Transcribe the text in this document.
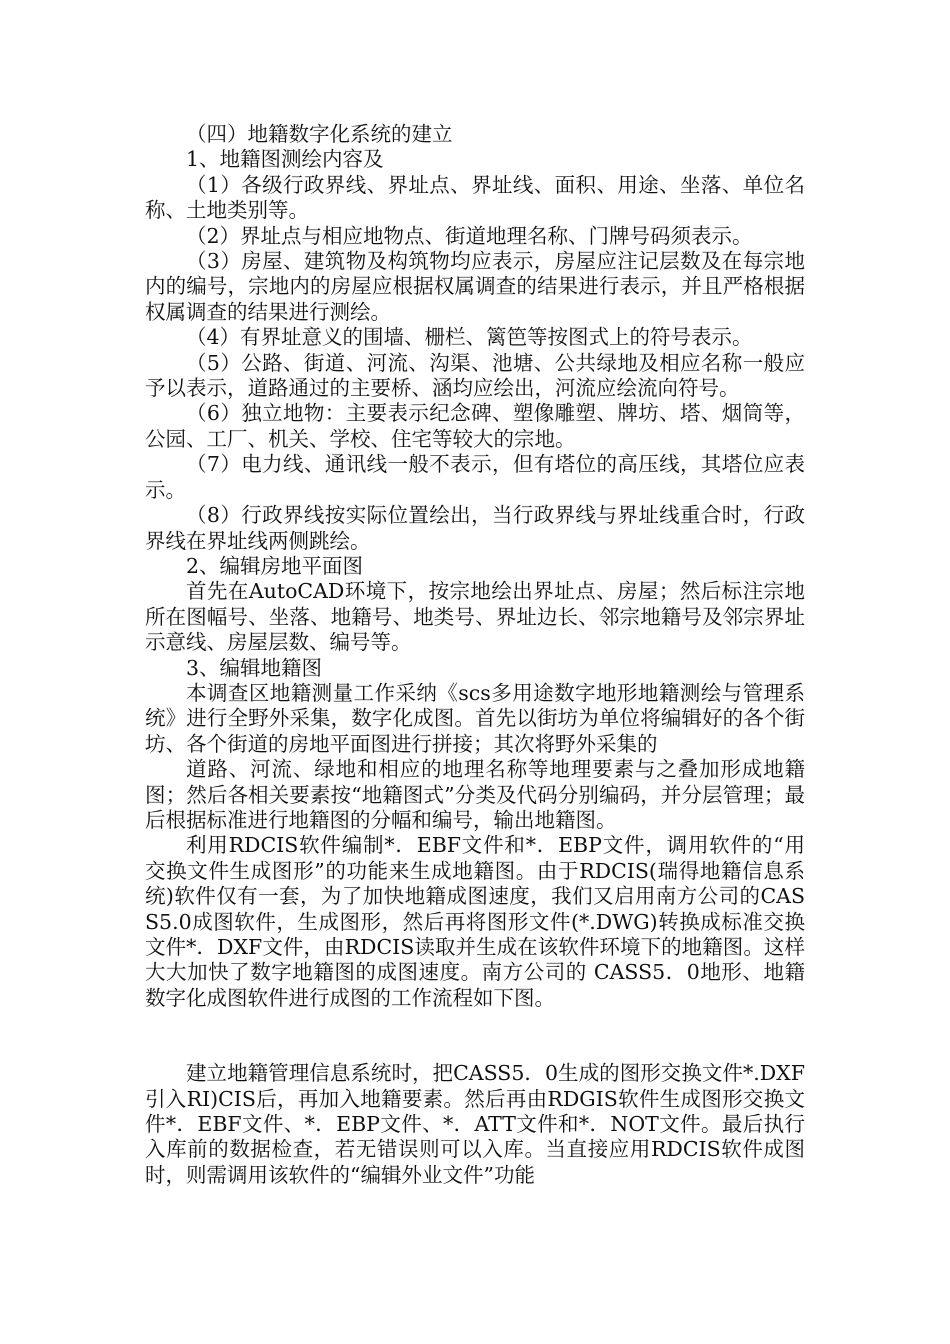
（四）地籍数字化系统的建立

1、地籍图测绘内容及

（1）各级行政界线、界址点、界址线、面积、用途、坐落、单位名称、土地类别等。

（2）界址点与相应地物点、街道地理名称、门牌号码须表示。

（3）房屋、建筑物及构筑物均应表示，房屋应注记层数及在每宗地内的编号，宗地内的房屋应根据权属调查的结果进行表示，并且严格根据权属调查的结果进行测绘。

（4）有界址意义的围墙、栅栏、篱笆等按图式上的符号表示。

（5）公路、街道、河流、沟渠、池塘、公共绿地及相应名称一般应予以表示，道路通过的主要桥、涵均应绘出，河流应绘流向符号。

（6）独立地物：主要表示纪念碑、塑像雕塑、牌坊、塔、烟筒等，公园、工厂、机关、学校、住宅等较大的宗地。

（7）电力线、通讯线一般不表示，但有塔位的高压线，其塔位应表示。

（8）行政界线按实际位置绘出，当行政界线与界址线重合时，行政界线在界址线两侧跳绘。

2、编辑房地平面图

首先在AutoCAD环境下，按宗地绘出界址点、房屋；然后标注宗地所在图幅号、坐落、地籍号、地类号、界址边长、邻宗地籍号及邻宗界址示意线、房屋层数、编号等。

3、编辑地籍图

本调查区地籍测量工作采纳《scs多用途数字地形地籍测绘与管理系统》进行全野外采集，数字化成图。首先以街坊为单位将编辑好的各个街坊、各个街道的房地平面图进行拼接；其次将野外采集的

道路、河流、绿地和相应的地理名称等地理要素与之叠加形成地籍图；然后各相关要素按“地籍图式”分类及代码分别编码，并分层管理；最后根据标准进行地籍图的分幅和编号，输出地籍图。

利用RDCIS软件编制*．EBF文件和*．EBP文件，调用软件的“用交换文件生成图形”的功能来生成地籍图。由于RDCIS(瑞得地籍信息系统)软件仅有一套，为了加快地籍成图速度，我们又启用南方公司的CASS5.0成图软件，生成图形，然后再将图形文件(*.DWG)转换成标准交换文件*．DXF文件，由RDCIS读取并生成在该软件环境下的地籍图。这样大大加快了数字地籍图的成图速度。南方公司的 CASS5．0地形、地籍数字化成图软件进行成图的工作流程如下图。

建立地籍管理信息系统时，把CASS5．0生成的图形交换文件*.DXF引入RI)CIS后，再加入地籍要素。然后再由RDGIS软件生成图形交换文件*．EBF文件、*．EBP文件、*．ATT文件和*．NOT文件。最后执行入库前的数据检查，若无错误则可以入库。当直接应用RDCIS软件成图时，则需调用该软件的“编辑外业文件”功能
